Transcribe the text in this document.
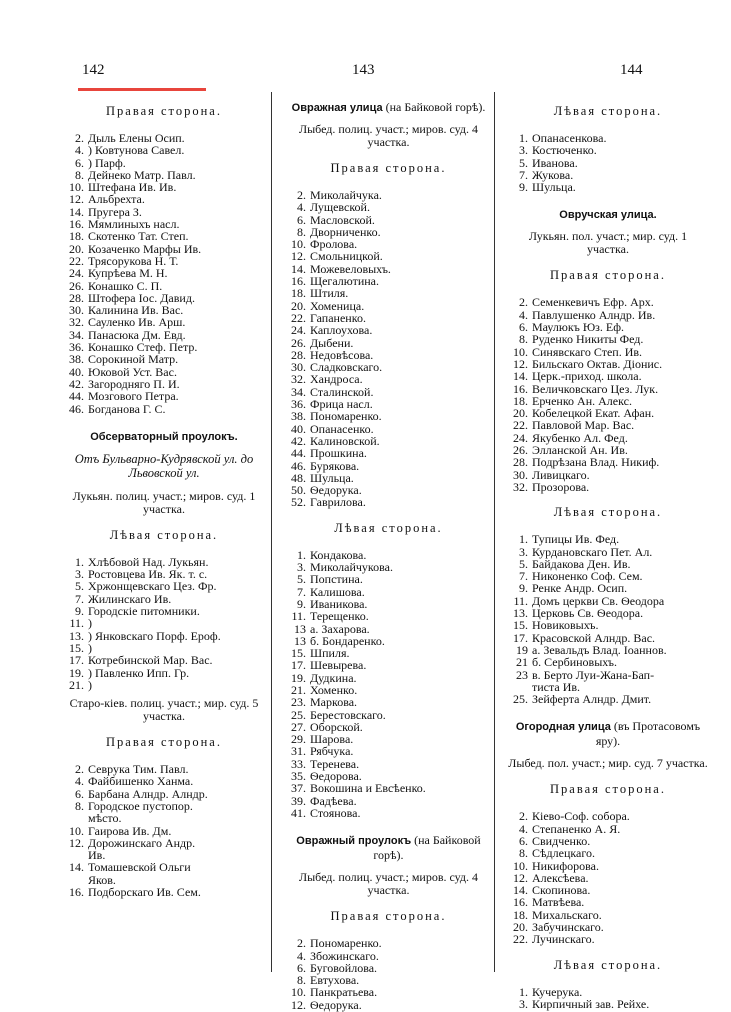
142	143	144
Правая сторона.
2. Дыль Елены Осип.
4. ) Ковтунова Савел.
6. ) Парф.
8. Дейнеко Матр. Павл.
10. Штефана Ив. Ив.
12. Альбрехта.
14. Пругера З.
16. Мямлиныхъ насл.
18. Скотенко Тат. Степ.
20. Козаченко Марфы Ив.
22. Трясорукова Н. Т.
24. Купрѣева М. Н.
26. Конашко С. П.
28. Штофера Іос. Давид.
30. Калинина Ив. Вас.
32. Сауленко Ив. Арш.
34. Панасюка Дм. Евд.
36. Конашко Стеф. Петр.
38. Сорокиной Матр.
40. Юковой Уст. Вас.
42. Загородняго П. И.
44. Мозгового Петра.
46. Богданова Г. С.
Обсерваторный проулокъ.
Отъ Бульварно-Кудрявской ул. до Львовской ул.
Лукьян. полиц. участ.; миров. суд. 1 участка.
Лѣвая сторона.
1. Хлѣбовой Над. Лукьян.
3. Ростовцева Ив. Як. т. с.
5. Хржонщевскаго Цез. Фр.
7. Жилинскаго Ив.
9. Городскіе питомники.
11. )
13. ) Янковскаго Порф. Ероф.
15. )
17. Котребинской Мар. Вас.
19. ) Павленко Ипп. Гр.
21. )
Старо-кіев. полиц. участ.; мир. суд. 5 участка.
Правая сторона.
2. Севрука Тим. Павл.
4. Файбишенко Ханма.
6. Барбана Алндр. Алндр.
8. Городское пустопор.
мѣсто.
10. Гаирова Ив. Дм.
12. Дорожинскаго Андр.
Ив.
14. Томашевской Ольги
Яков.
16. Подборскаго Ив. Сем.
Овражная улица (на Байковой горѣ).
Лыбед. полиц. участ.; миров. суд. 4 участка.
Правая сторона.
2. Миколайчука.
4. Лущевской.
6. Масловской.
8. Дворниченко.
10. Фролова.
12. Смольницкой.
14. Можевеловыхъ.
16. Щегалютина.
18. Штиля.
20. Хоменица.
22. Гапаненко.
24. Каплоухова.
26. Дыбени.
28. Недовѣсова.
30. Сладковскаго.
32. Хандроса.
34. Сталинской.
36. Фрица насл.
38. Пономаренко.
40. Опанасенко.
42. Калиновской.
44. Прошкина.
46. Бурякова.
48. Шульца.
50. Ѳедорука.
52. Гаврилова.
Лѣвая сторона.
1. Кондакова.
3. Миколайчукова.
5. Попстина.
7. Калишова.
9. Иваникова.
11. Терещенко.
13 а. Захарова.
13 б. Бондаренко.
15. Шпиля.
17. Шевырева.
19. Дудкина.
21. Хоменко.
23. Маркова.
25. Берестовскаго.
27. Оборской.
29. Шарова.
31. Рябчука.
33. Теренева.
35. Ѳедорова.
37. Вокошина и Евсѣенко.
39. Фадѣева.
41. Стоянова.
Овражный проулокъ (на Байковой горѣ).
Лыбед. полиц. участ.; миров. суд. 4 участка.
Правая сторона.
2. Пономаренко.
4. Збожинскаго.
6. Буговойлова.
8. Евтухова.
10. Панкратьева.
12. Ѳедорука.
Лѣвая сторона.
1. Опанасенкова.
3. Костюченко.
5. Иванова.
7. Жукова.
9. Шульца.
Овручская улица.
Лукьян. пол. участ.; мир. суд. 1 участка.
Правая сторона.
2. Семенкевичъ Ефр. Арх.
4. Павлушенко Алндр. Ив.
6. Маулюкъ Юз. Еф.
8. Руденко Никиты Фед.
10. Синявскаго Степ. Ив.
12. Бильскаго Октав. Діонис.
14. Церк.-приход. школа.
16. Величковскаго Цез. Лук.
18. Ерченко Ан. Алекс.
20. Кобелецкой Екат. Афан.
22. Павловой Мар. Вас.
24. Якубенко Ал. Фед.
26. Элланской Ан. Ив.
28. Подрѣзана Влад. Никиф.
30. Ливицкаго.
32. Прозорова.
Лѣвая сторона.
1. Тупицы Ив. Фед.
3. Курдановскаго Пет. Ал.
5. Байдакова Ден. Ив.
7. Никоненко Соф. Сем.
9. Ренке Андр. Осип.
11. Домъ церкви Св. Ѳеодора
13. Церковь Св. Ѳеодора.
15. Новиковыхъ.
17. Красовской Алндр. Вас.
19 а. Зевальдъ Влад. Іоаннов.
21 б. Сербиновыхъ.
23 в. Берто Луи-Жана-Бап-
тиста Ив.
25. Зейферта Алндр. Дмит.
Огородная улица (въ Протасовомъ яру).
Лыбед. пол. участ.; мир. суд. 7 участка.
Правая сторона.
2. Кіево-Соф. собора.
4. Степаненко А. Я.
6. Свидченко.
8. Сѣдлецкаго.
10. Никифорова.
12. Алексѣева.
14. Скопинова.
16. Матвѣева.
18. Михальскаго.
20. Забучинскаго.
22. Лучинскаго.
Лѣвая сторона.
1. Кучерука.
3. Кирпичный зав. Рейхе.
